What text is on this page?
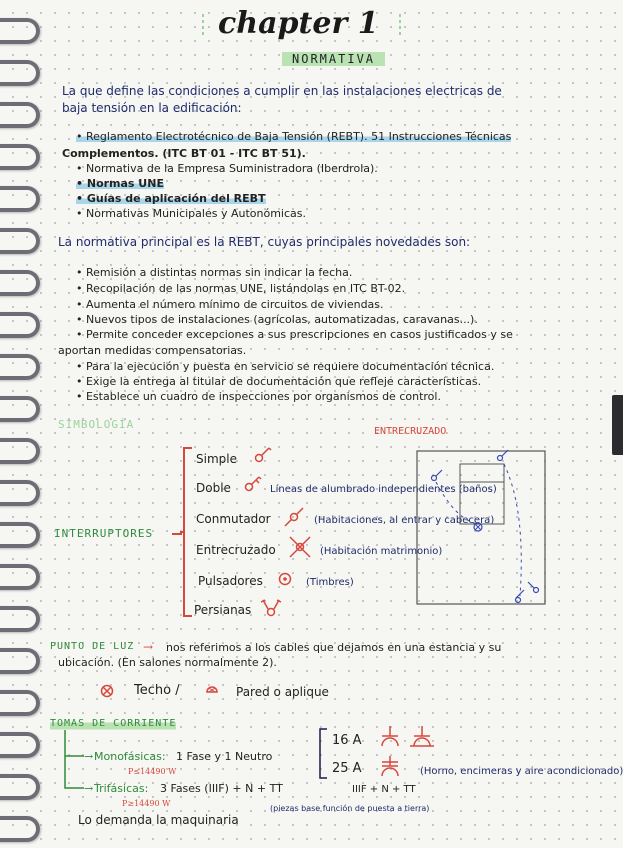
chapter 1
NORMATIVA
La que define las condiciones a cumplir en las instalaciones electricas de
baja tensión en la edificación:
• Reglamento Electrotécnico de Baja Tensión (REBT). 51 Instrucciones Técnicas
Complementos. (ITC BT 01 - ITC BT 51).
• Normativa de la Empresa Suministradora (Iberdrola).
• Normas UNE
• Guías de aplicación del REBT
• Normativas Municipales y Autonómicas.
La normativa principal es la REBT, cuyas principales novedades son:
• Remisión a distintas normas sin indicar la fecha.
• Recopilación de las normas UNE, listándolas en ITC BT-02.
• Aumenta el número mínimo de circuitos de viviendas.
• Nuevos tipos de instalaciones (agrícolas, automatizadas, caravanas...).
• Permite conceder excepciones a sus prescripciones en casos justificados y se
aportan medidas compensatorias.
• Para la ejecución y puesta en servicio se requiere documentación técnica.
• Exige la entrega al titular de documentación que refleje características.
• Establece un cuadro de inspecciones por organismos de control.
SIMBOLOGÍA
ENTRECRUZADO
INTERRUPTORES
Simple
Doble	Líneas de alumbrado independientes (baños)
Conmutador	(Habitaciones, al entrar y cabecera)
Entrecruzado	(Habitación matrimonio)
Pulsadores	(Timbres)
Persianas
PUNTO DE LUZ → nos referimos a los cables que dejamos en una estancia y su
ubicación. (En salones normalmente 2).
Techo /	Pared o aplique
TOMAS DE CORRIENTE
→ Monofásicas: 1 Fase y 1 Neutro
P≤14490 W
→ Trifásicas: 3 Fases (IIIF) + N + TT	IIIF + N + TT
P≥14490 W
(piezas base función de puesta a tierra)
16 A
25 A	(Horno, encimeras y aire acondicionado)
Lo demanda la maquinaria
